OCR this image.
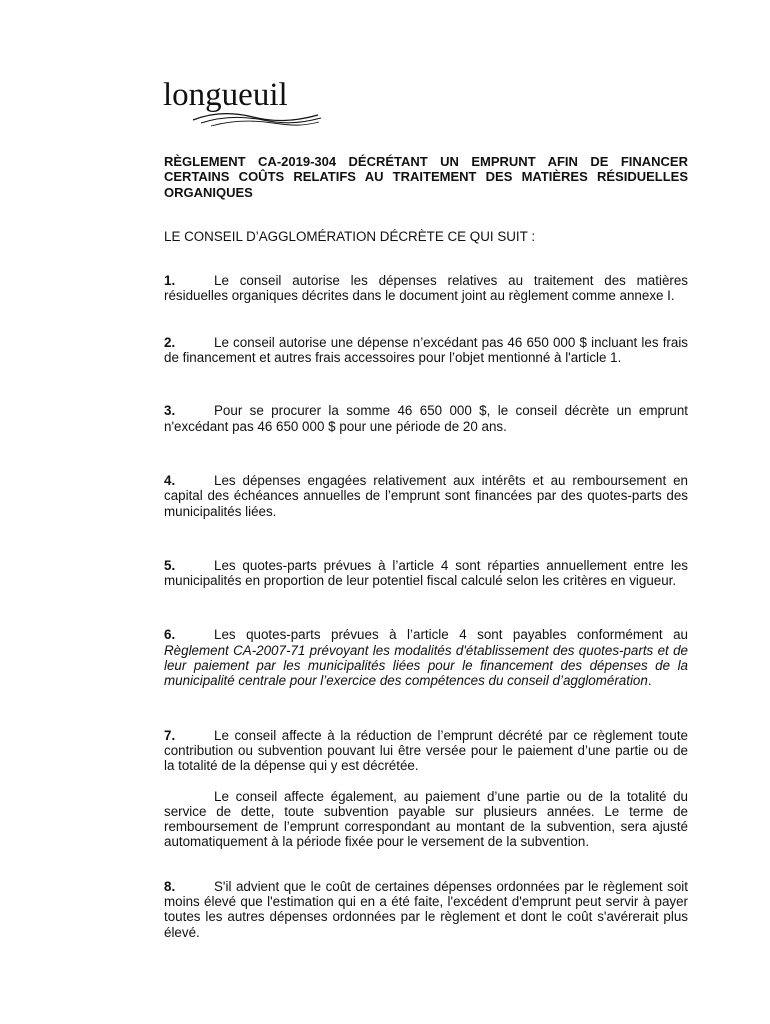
longueuil

RÈGLEMENT CA-2019-304 DÉCRÉTANT UN EMPRUNT AFIN DE FINANCER CERTAINS COÛTS RELATIFS AU TRAITEMENT DES MATIÈRES RÉSIDUELLES ORGANIQUES

LE CONSEIL D’AGGLOMÉRATION DÉCRÈTE CE QUI SUIT :

1.	Le conseil autorise les dépenses relatives au traitement des matières résiduelles organiques décrites dans le document joint au règlement comme annexe I.

2.	Le conseil autorise une dépense n’excédant pas 46 650 000 $ incluant les frais de financement et autres frais accessoires pour l’objet mentionné à l'article 1.

3.	Pour se procurer la somme 46 650 000 $, le conseil décrète un emprunt n'excédant pas 46 650 000 $ pour une période de 20 ans.

4.	Les dépenses engagées relativement aux intérêts et au remboursement en capital des échéances annuelles de l’emprunt sont financées par des quotes-parts des municipalités liées.

5.	Les quotes-parts prévues à l’article 4 sont réparties annuellement entre les municipalités en proportion de leur potentiel fiscal calculé selon les critères en vigueur.

6.	Les quotes-parts prévues à l’article 4 sont payables conformément au Règlement CA-2007-71 prévoyant les modalités d'établissement des quotes-parts et de leur paiement par les municipalités liées pour le financement des dépenses de la municipalité centrale pour l’exercice des compétences du conseil d’agglomération.

7.	Le conseil affecte à la réduction de l’emprunt décrété par ce règlement toute contribution ou subvention pouvant lui être versée pour le paiement d’une partie ou de la totalité de la dépense qui y est décrétée.

Le conseil affecte également, au paiement d’une partie ou de la totalité du service de dette, toute subvention payable sur plusieurs années. Le terme de remboursement de l’emprunt correspondant au montant de la subvention, sera ajusté automatiquement à la période fixée pour le versement de la subvention.

8.	S'il advient que le coût de certaines dépenses ordonnées par le règlement soit moins élevé que l'estimation qui en a été faite, l'excédent d'emprunt peut servir à payer toutes les autres dépenses ordonnées par le règlement et dont le coût s'avérerait plus élevé.
